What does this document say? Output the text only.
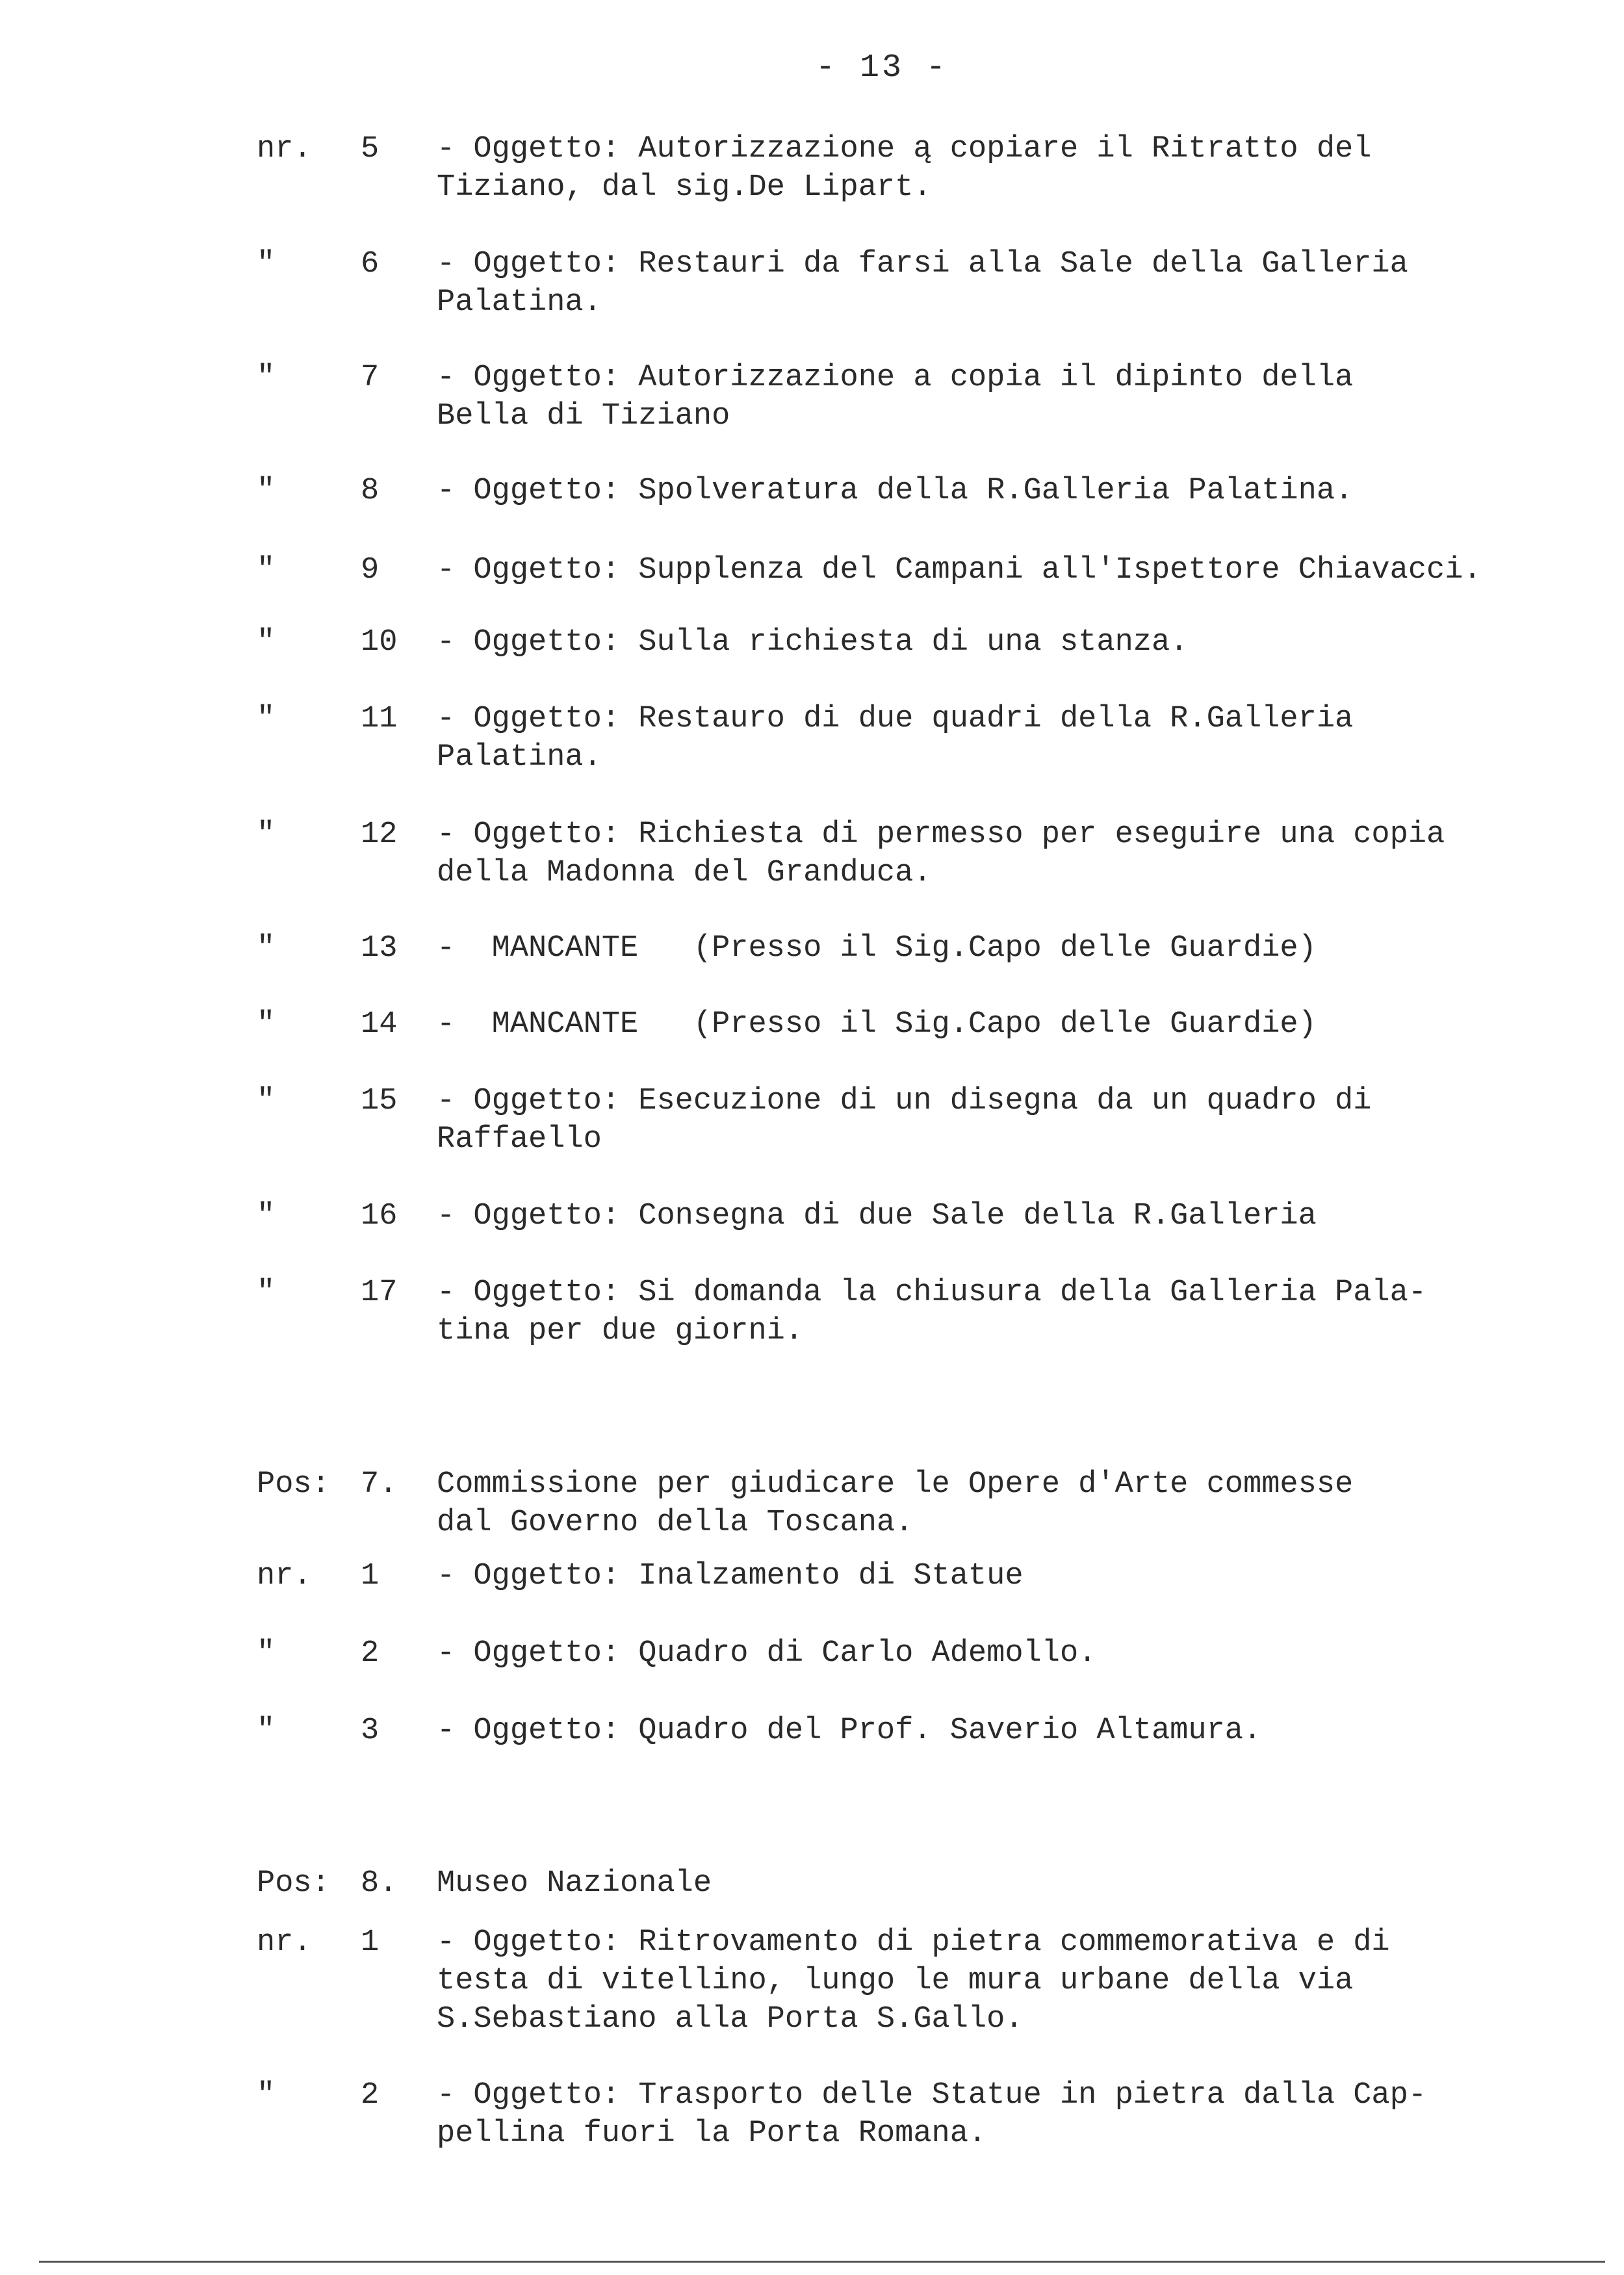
- 13 -
nr. 5 - Oggetto: Autorizzazione ą copiare il Ritratto del
Tiziano, dal sig.De Lipart.
"	6 - Oggetto: Restauri da farsi alla Sale della Galleria
Palatina.
"	7 - Oggetto: Autorizzazione a copia il dipinto della
Bella di Tiziano
"	8 - Oggetto: Spolveratura della R.Galleria Palatina.
"	9 - Oggetto: Supplenza del Campani all'Ispettore Chiavacci.
"	10 - Oggetto: Sulla richiesta di una stanza.
"	11 - Oggetto: Restauro di due quadri della R.Galleria
Palatina.
"	12 - Oggetto: Richiesta di permesso per eseguire una copia
della Madonna del Granduca.
"	13 -  MANCANTE   (Presso il Sig.Capo delle Guardie)
"	14 -  MANCANTE   (Presso il Sig.Capo delle Guardie)
"	15 - Oggetto: Esecuzione di un disegna da un quadro di
Raffaello
"	16 - Oggetto: Consegna di due Sale della R.Galleria
"	17 - Oggetto: Si domanda la chiusura della Galleria Pala-
tina per due giorni.
Pos: 7. Commissione per giudicare le Opere d'Arte commesse
dal Governo della Toscana.
nr. 1 - Oggetto: Inalzamento di Statue
"	2 - Oggetto: Quadro di Carlo Ademollo.
"	3 - Oggetto: Quadro del Prof. Saverio Altamura.
Pos: 8. Museo Nazionale
nr. 1 - Oggetto: Ritrovamento di pietra commemorativa e di
testa di vitellino, lungo le mura urbane della via
S.Sebastiano alla Porta S.Gallo.
"	2 - Oggetto: Trasporto delle Statue in pietra dalla Cap-
pellina fuori la Porta Romana.
